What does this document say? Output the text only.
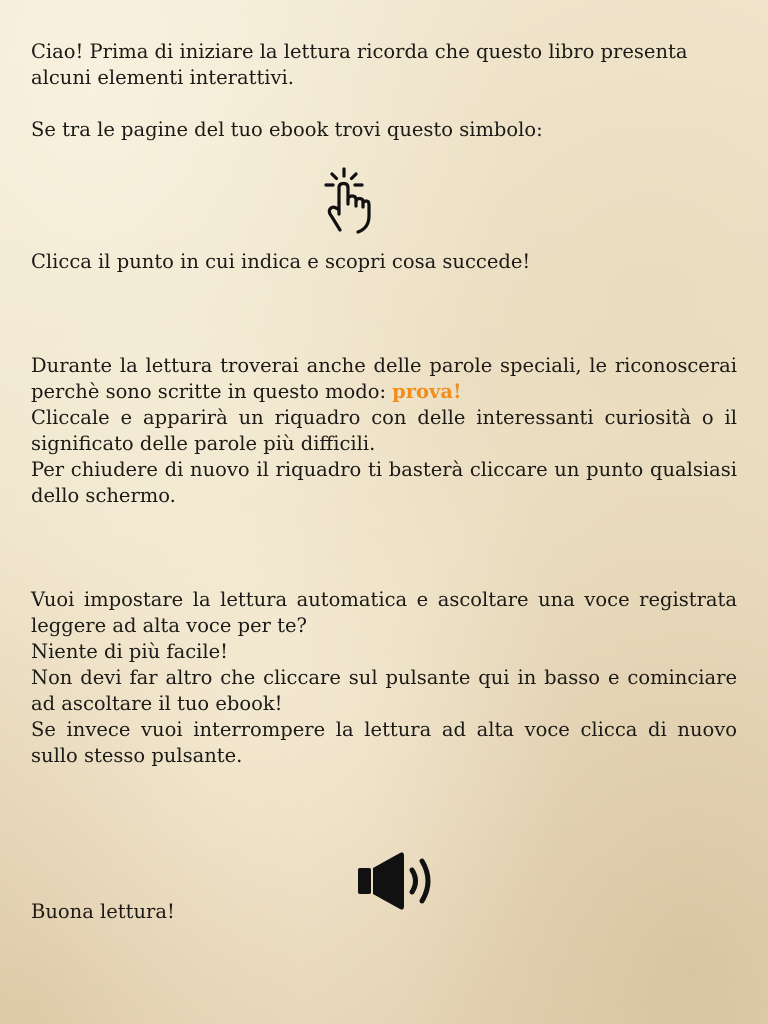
Ciao! Prima di iniziare la lettura ricorda che questo libro presenta
alcuni elementi interattivi.

Se tra le pagine del tuo ebook trovi questo simbolo:

Clicca il punto in cui indica e scopri cosa succede!

Durante la lettura troverai anche delle parole speciali, le riconoscerai perchè sono scritte in questo modo: prova!
Cliccale e apparirà un riquadro con delle interessanti curiosità o il significato delle parole più difficili.
Per chiudere di nuovo il riquadro ti basterà cliccare un punto qualsiasi dello schermo.

Vuoi impostare la lettura automatica e ascoltare una voce registrata leggere ad alta voce per te?
Niente di più facile!
Non devi far altro che cliccare sul pulsante qui in basso e cominciare ad ascoltare il tuo ebook!
Se invece vuoi interrompere la lettura ad alta voce clicca di nuovo sullo stesso pulsante.

Buona lettura!
